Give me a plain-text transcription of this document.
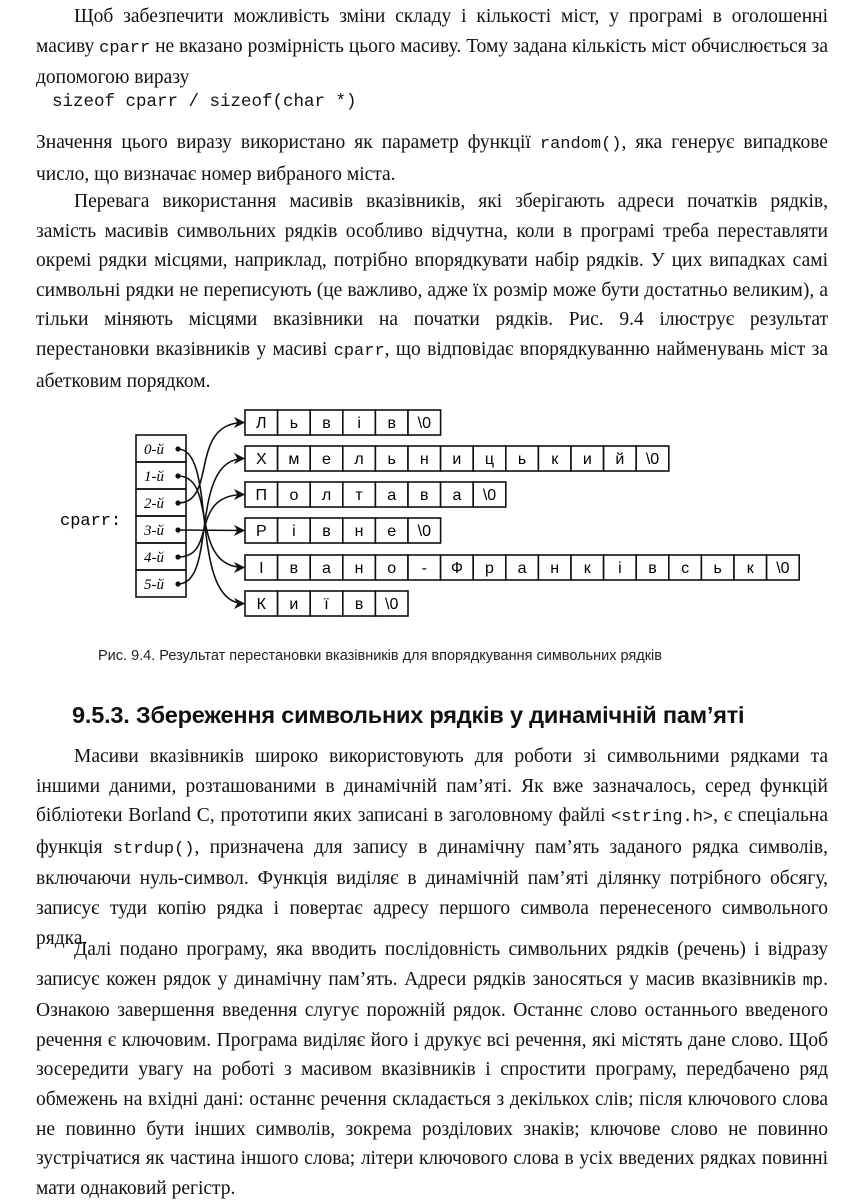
Щоб забезпечити можливість зміни складу і кількості міст, у програмі в оголошенні масиву cparr не вказано розмірність цього масиву. Тому задана кількість міст обчислюється за допомогою виразу
sizeof cparr / sizeof(char *)
Значення цього виразу використано як параметр функції random(), яка генерує випадкове число, що визначає номер вибраного міста.
Перевага використання масивів вказівників, які зберігають адреси початків рядків, замість масивів символьних рядків особливо відчутна, коли в програмі треба переставляти окремі рядки місцями, наприклад, потрібно впорядкувати набір рядків. У цих випадках самі символьні рядки не переписують (це важливо, адже їх розмір може бути достатньо великим), а тільки міняють місцями вказівники на початки рядків. Рис. 9.4 ілюструє результат перестановки вказівників у масиві cparr, що відповідає впорядкуванню найменувань міст за абетковим порядком.
cparr:
0-й
1-й
2-й
3-й
4-й
5-й
Л ь в і в \0
Х м е л ь н и ц ь к и й \0
П о л т а в а \0
Р і в н е \0
І в а н о - Ф р а н к і в с ь к \0
К и ї в \0
Рис. 9.4. Результат перестановки вказівників для впорядкування символьних рядків
9.5.3. Збереження символьних рядків у динамічній пам’яті
Масиви вказівників широко використовують для роботи зі символьними рядками та іншими даними, розташованими в динамічній пам’яті. Як вже зазначалось, серед функцій бібліотеки Borland C, прототипи яких записані в заголовному файлі <string.h>, є спеціальна функція strdup(), призначена для запису в динамічну пам’ять заданого рядка символів, включаючи нуль-символ. Функція виділяє в динамічній пам’яті ділянку потрібного обсягу, записує туди копію рядка і повертає адресу першого символа перенесеного символьного рядка.
Далі подано програму, яка вводить послідовність символьних рядків (речень) і відразу записує кожен рядок у динамічну пам’ять. Адреси рядків заносяться у масив вказівників mp. Ознакою завершення введення слугує порожній рядок. Останнє слово останнього введеного речення є ключовим. Програма виділяє його і друкує всі речення, які містять дане слово. Щоб зосередити увагу на роботі з масивом вказівників і спростити програму, передбачено ряд обмежень на вхідні дані: останнє речення складається з декількох слів; після ключового слова не повинно бути інших символів, зокрема розділових знаків; ключове слово не повинно зустрічатися як частина іншого слова; літери ключового слова в усіх введених рядках повинні мати однаковий регістр.
